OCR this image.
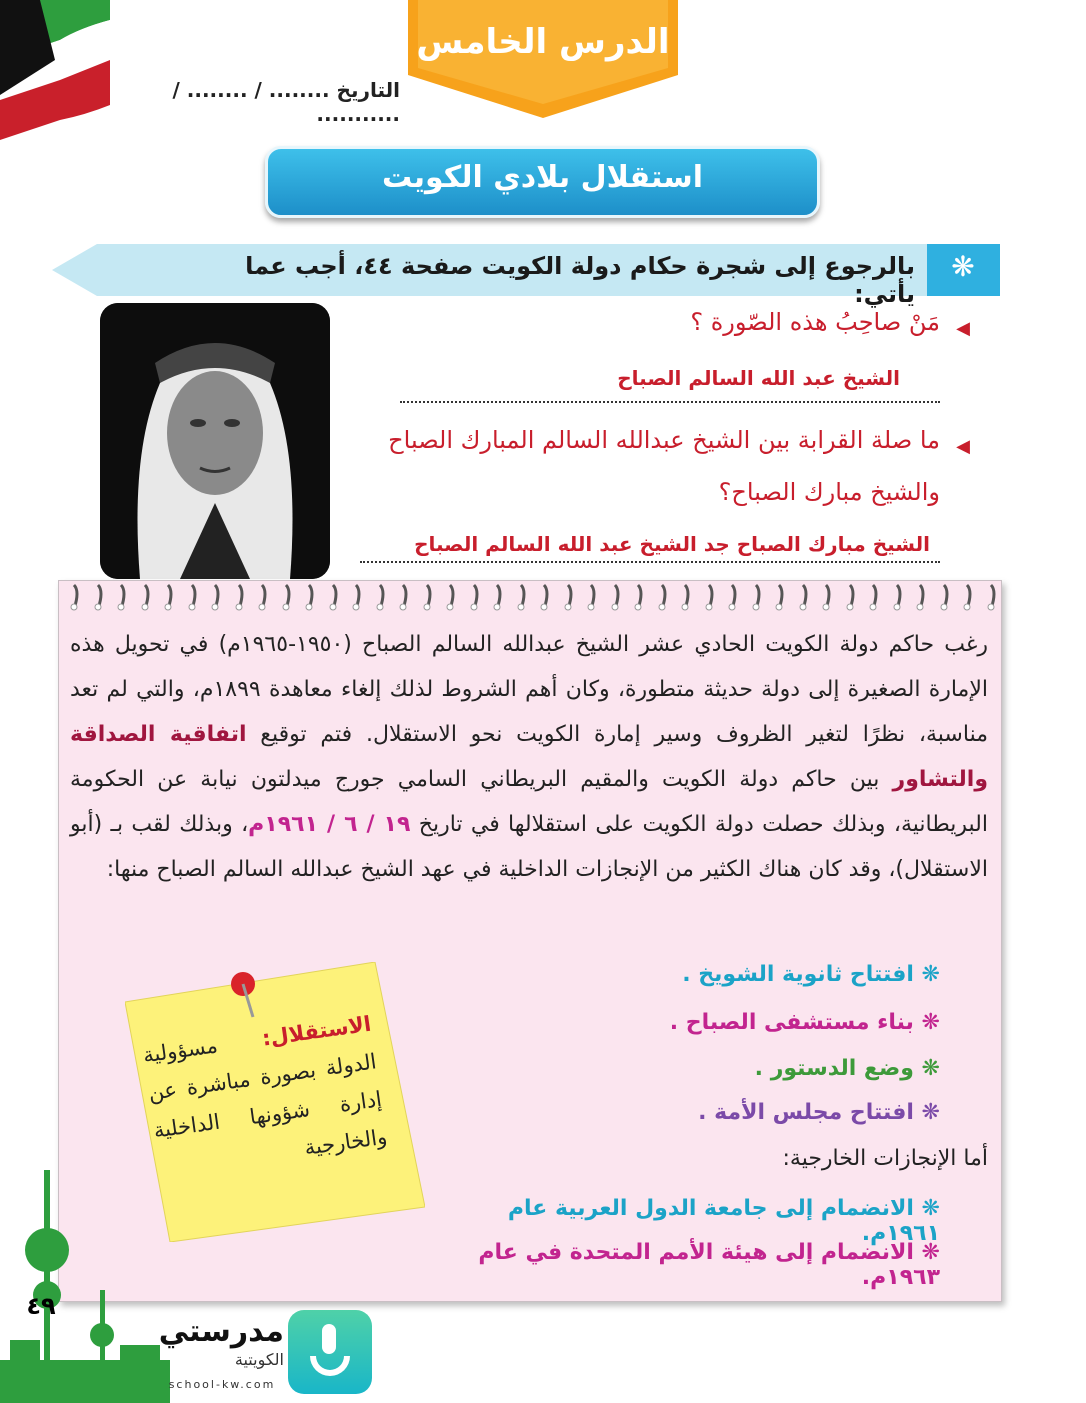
الدرس الخامس
التاريخ ........ / ........ / ...........
استقلال بلادي الكويت
❋
بالرجوع إلى شجرة حكام دولة الكويت صفحة ٤٤، أجب عما يأتي:
◀
مَنْ صاحِبُ هذه الصّورة ؟
الشيخ عبد الله السالم الصباح
◀
ما صلة القرابة بين الشيخ عبدالله السالم المبارك الصباح
والشيخ مبارك الصباح؟
الشيخ مبارك الصباح جد الشيخ عبد الله السالم الصباح
رغب حاكم دولة الكويت الحادي عشر الشيخ عبدالله السالم الصباح (١٩٥٠-١٩٦٥م) في تحويل هذه الإمارة الصغيرة إلى دولة حديثة متطورة، وكان أهم الشروط لذلك إلغاء معاهدة ١٨٩٩م، والتي لم تعد مناسبة، نظرًا لتغير الظروف وسير إمارة الكويت نحو الاستقلال. فتم توقيع اتفاقية الصداقة والتشاور بين حاكم دولة الكويت والمقيم البريطاني السامي جورج ميدلتون نيابة عن الحكومة البريطانية، وبذلك حصلت دولة الكويت على استقلالها في تاريخ ١٩ / ٦ / ١٩٦١م، وبذلك لقب بـ (أبو الاستقلال)، وقد كان هناك الكثير من الإنجازات الداخلية في عهد الشيخ عبدالله السالم الصباح منها:
❋ افتتاح ثانوية الشويخ .
❋ بناء مستشفى الصباح .
❋ وضع الدستور .
❋ افتتاح مجلس الأمة .
أما الإنجازات الخارجية:
❋ الانضمام إلى جامعة الدول العربية عام ١٩٦١م.
❋ الانضمام إلى هيئة الأمم المتحدة في عام ١٩٦٣م.
الاستقلال: مسؤولية الدولة بصورة مباشرة عن إدارة شؤونها الداخلية والخارجية
٤٩
مدرستي
الكويتية
school-kw.com
